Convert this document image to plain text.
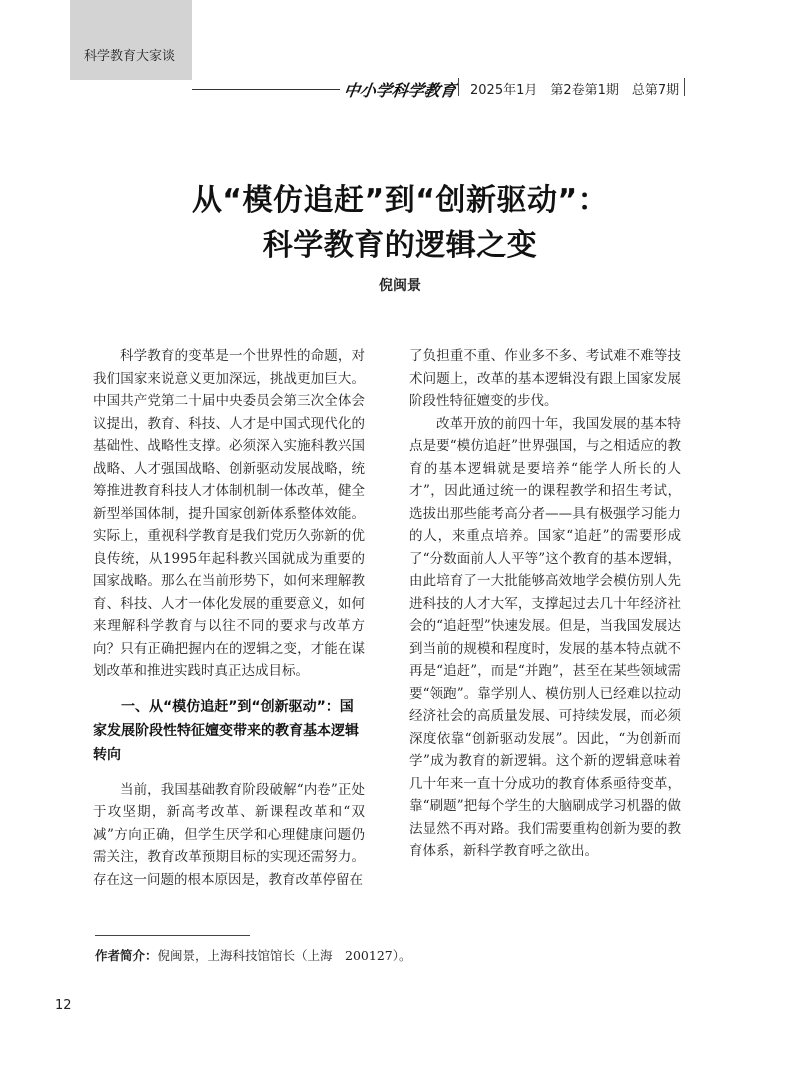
科学教育大家谈
中小学科学教育 2025年1月　第2卷第1期　总第7期
从“模仿追赶”到“创新驱动”：
科学教育的逻辑之变
倪闽景

科学教育的变革是一个世界性的命题，对我们国家来说意义更加深远，挑战更加巨大。中国共产党第二十届中央委员会第三次全体会议提出，教育、科技、人才是中国式现代化的基础性、战略性支撑。必须深入实施科教兴国战略、人才强国战略、创新驱动发展战略，统筹推进教育科技人才体制机制一体改革，健全新型举国体制，提升国家创新体系整体效能。实际上，重视科学教育是我们党历久弥新的优良传统，从1995年起科教兴国就成为重要的国家战略。那么在当前形势下，如何来理解教育、科技、人才一体化发展的重要意义，如何来理解科学教育与以往不同的要求与改革方向？只有正确把握内在的逻辑之变，才能在谋划改革和推进实践时真正达成目标。

一、从“模仿追赶”到“创新驱动”：国家发展阶段性特征嬗变带来的教育基本逻辑转向

当前，我国基础教育阶段破解“内卷”正处于攻坚期，新高考改革、新课程改革和“双减”方向正确，但学生厌学和心理健康问题仍需关注，教育改革预期目标的实现还需努力。存在这一问题的根本原因是，教育改革停留在

了负担重不重、作业多不多、考试难不难等技术问题上，改革的基本逻辑没有跟上国家发展阶段性特征嬗变的步伐。

改革开放的前四十年，我国发展的基本特点是要“模仿追赶”世界强国，与之相适应的教育的基本逻辑就是要培养“能学人所长的人才”，因此通过统一的课程教学和招生考试，选拔出那些能考高分者——具有极强学习能力的人，来重点培养。国家“追赶”的需要形成了“分数面前人人平等”这个教育的基本逻辑，由此培育了一大批能够高效地学会模仿别人先进科技的人才大军，支撑起过去几十年经济社会的“追赶型”快速发展。但是，当我国发展达到当前的规模和程度时，发展的基本特点就不再是“追赶”，而是“并跑”，甚至在某些领域需要“领跑”。靠学别人、模仿别人已经难以拉动经济社会的高质量发展、可持续发展，而必须深度依靠“创新驱动发展”。因此，“为创新而学”成为教育的新逻辑。这个新的逻辑意味着几十年来一直十分成功的教育体系亟待变革，靠“刷题”把每个学生的大脑刷成学习机器的做法显然不再对路。我们需要重构创新为要的教育体系，新科学教育呼之欲出。

作者简介：倪闽景，上海科技馆馆长（上海　200127）。
12
